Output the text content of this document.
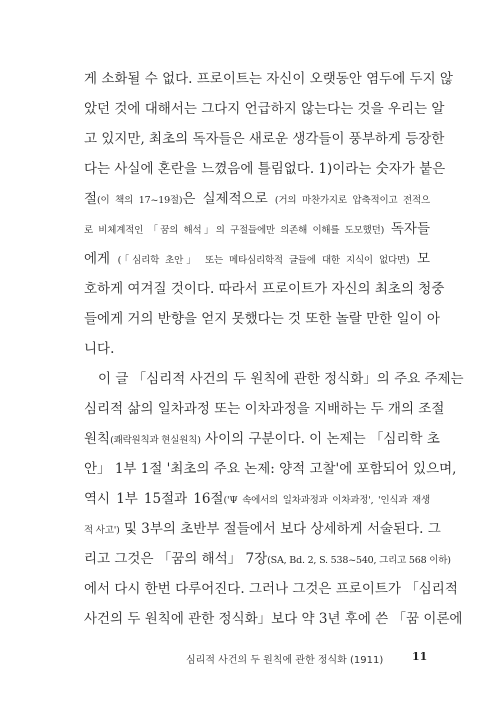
게 소화될 수 없다. 프로이트는 자신이 오랫동안 염두에 두지 않
았던 것에 대해서는 그다지 언급하지 않는다는 것을 우리는 알
고 있지만, 최초의 독자들은 새로운 생각들이 풍부하게 등장한
다는 사실에 혼란을 느꼈음에 틀림없다. 1)이라는 숫자가 붙은
절(이 책의 17~19절)은 실제적으로 (거의 마찬가지로 압축적이고 전적으
로 비체계적인 「꿈의 해석」의 구절들에만 의존해 이해를 도모했던) 독자들
에게 (「심리학 초안」 또는 메타심리학적 글들에 대한 지식이 없다면) 모
호하게 여겨질 것이다. 따라서 프로이트가 자신의 최초의 청중
들에게 거의 반향을 얻지 못했다는 것 또한 놀랄 만한 일이 아
니다.
이 글 「심리적 사건의 두 원칙에 관한 정식화」의 주요 주제는
심리적 삶의 일차과정 또는 이차과정을 지배하는 두 개의 조절
원칙(쾌락원칙과 현실원칙) 사이의 구분이다. 이 논제는 「심리학 초
안」 1부 1절 '최초의 주요 논제: 양적 고찰'에 포함되어 있으며,
역시 1부 15절과 16절('Ψ 속에서의 일차과정과 이차과정', '인식과 재생
적 사고') 및 3부의 초반부 절들에서 보다 상세하게 서술된다. 그
리고 그것은 「꿈의 해석」 7장(SA, Bd. 2, S. 538~540, 그리고 568 이하)
에서 다시 한번 다루어진다. 그러나 그것은 프로이트가 「심리적
사건의 두 원칙에 관한 정식화」보다 약 3년 후에 쓴 「꿈 이론에
심리적 사건의 두 원칙에 관한 정식화 (1911)	11
